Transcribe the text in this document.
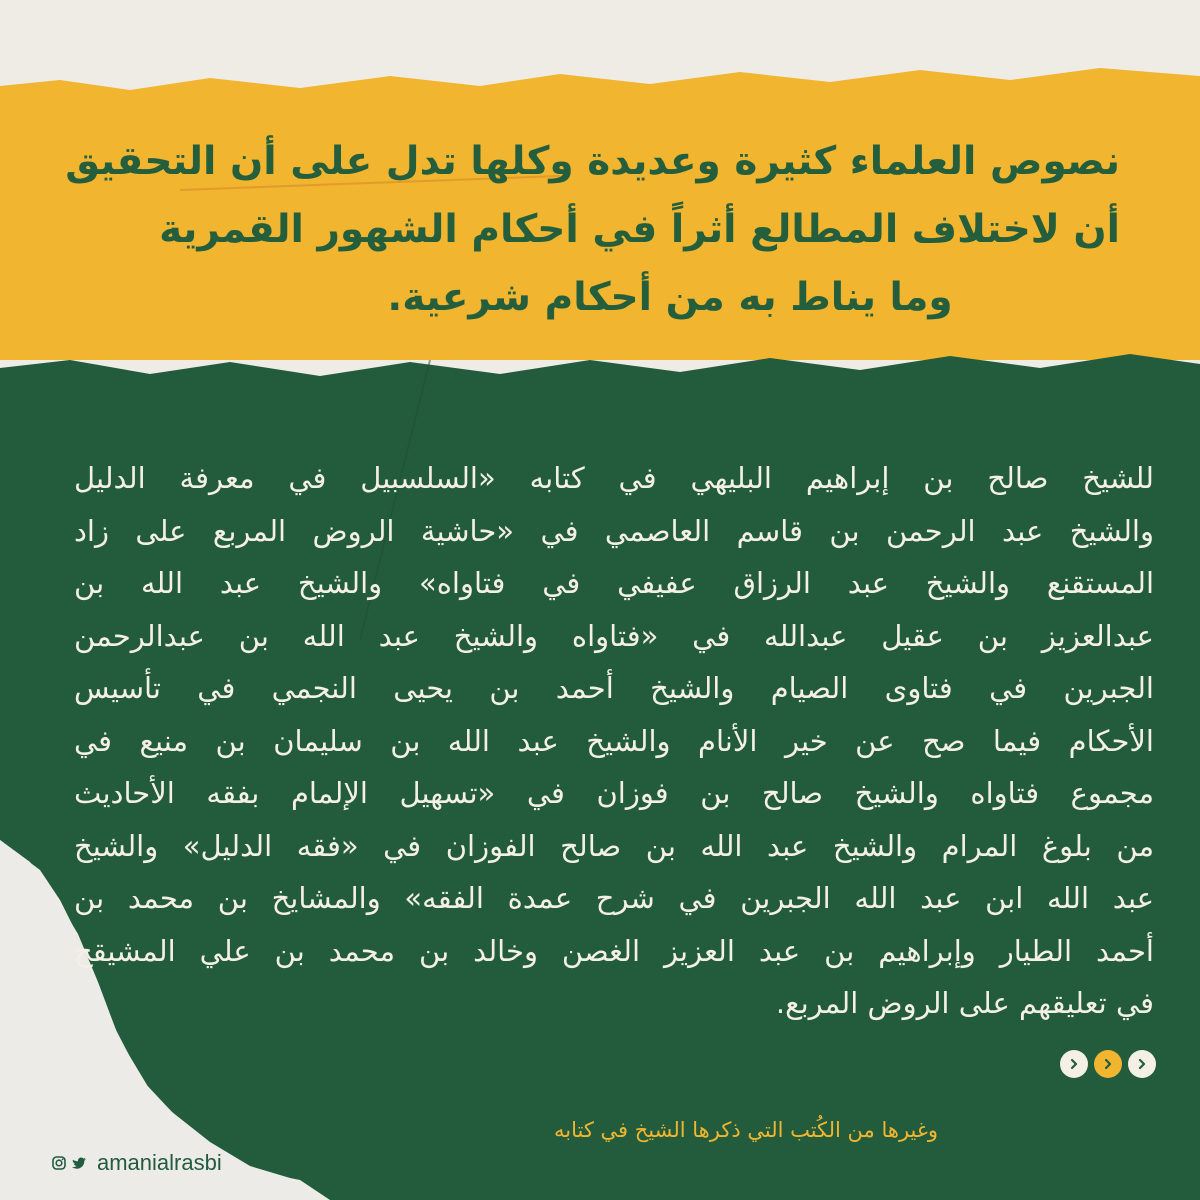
نصوص العلماء كثيرة وعديدة وكلها تدل على أن التحقيق
أن لاختلاف المطالع أثراً في أحكام الشهور القمرية
وما يناط به من أحكام شرعية.
للشيخ صالح بن إبراهيم البليهي في كتابه «السلسبيل في معرفة الدليل
والشيخ عبد الرحمن بن قاسم العاصمي في «حاشية الروض المربع على زاد
المستقنع والشيخ عبد الرزاق عفيفي في فتاواه» والشيخ عبد الله بن
عبدالعزيز بن عقيل عبدالله في «فتاواه والشيخ عبد الله بن عبدالرحمن
الجبرين في فتاوى الصيام والشيخ أحمد بن يحيى النجمي في تأسيس
الأحكام فيما صح عن خير الأنام والشيخ عبد الله بن سليمان بن منيع في
مجموع فتاواه والشيخ صالح بن فوزان في «تسهيل الإلمام بفقه الأحاديث
من بلوغ المرام والشيخ عبد الله بن صالح الفوزان في «فقه الدليل» والشيخ
عبد الله ابن عبد الله الجبرين في شرح عمدة الفقه» والمشايخ بن محمد بن
أحمد الطيار وإبراهيم بن عبد العزيز الغصن وخالد بن محمد بن علي المشيقح
في تعليقهم على الروض المربع.

وغيرها من الكُتب التي ذكرها الشيخ في كتابه

amanialrasbi
